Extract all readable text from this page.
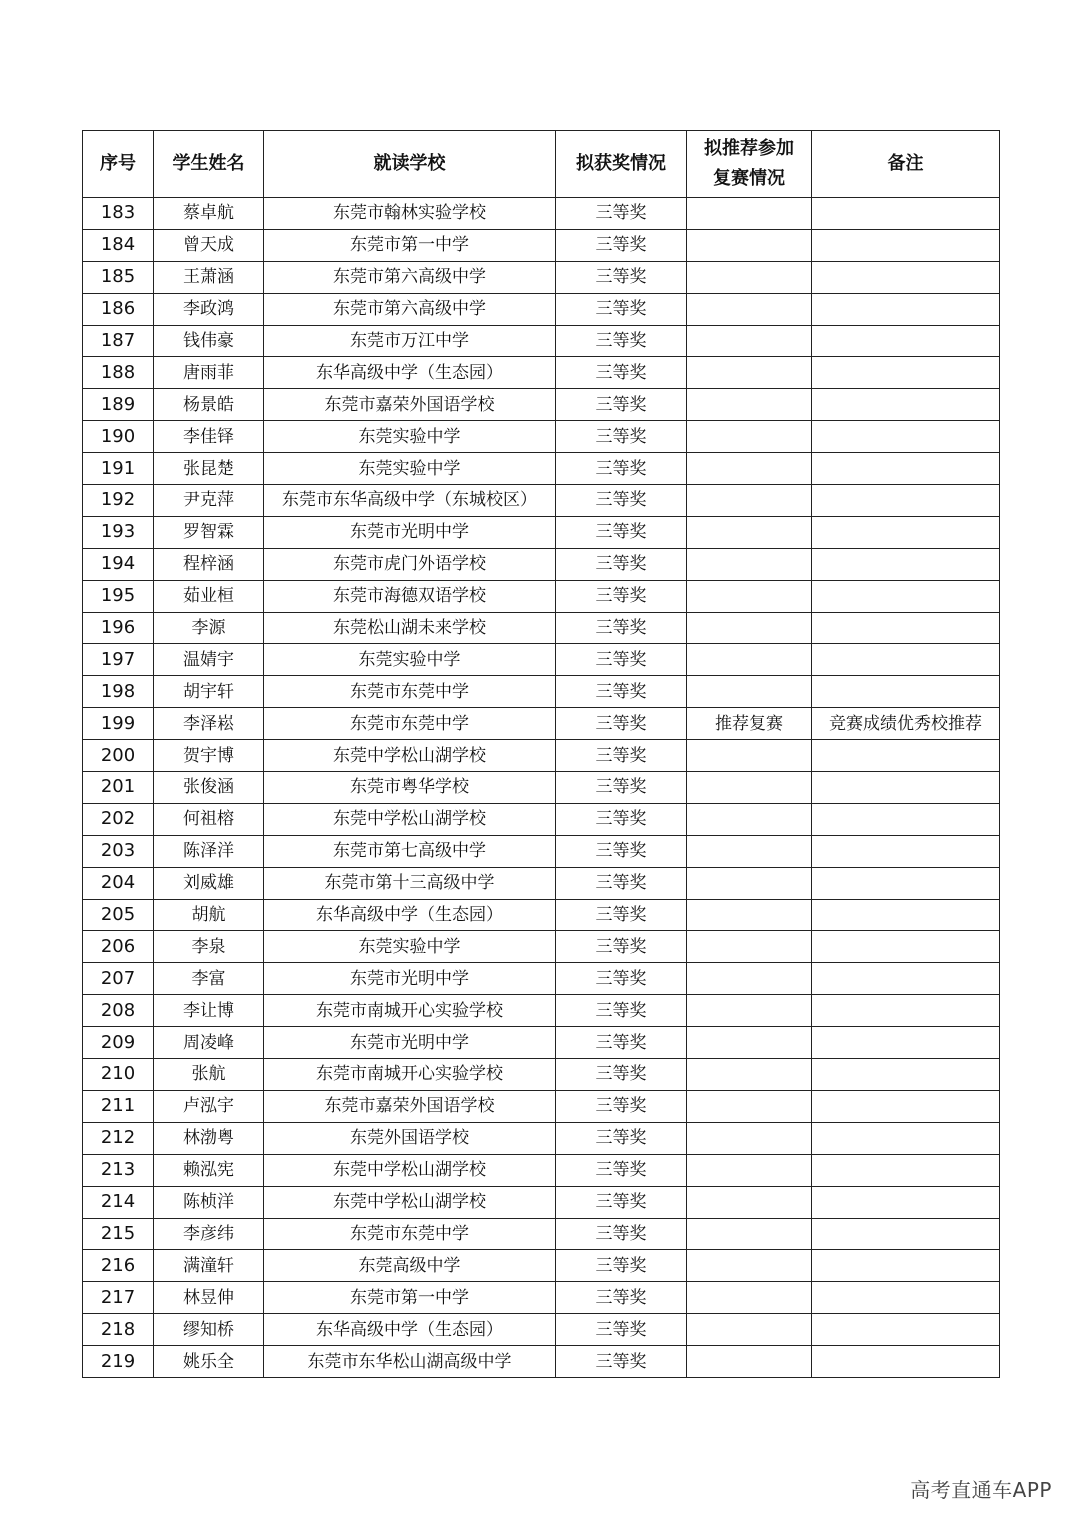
序号	学生姓名	就读学校	拟获奖情况	拟推荐参加复赛情况	备注
183	蔡卓航	东莞市翰林实验学校	三等奖		
184	曾天成	东莞市第一中学	三等奖		
185	王萧涵	东莞市第六高级中学	三等奖		
186	李政鸿	东莞市第六高级中学	三等奖		
187	钱伟豪	东莞市万江中学	三等奖		
188	唐雨菲	东华高级中学（生态园）	三等奖		
189	杨景皓	东莞市嘉荣外国语学校	三等奖		
190	李佳铎	东莞实验中学	三等奖		
191	张昆楚	东莞实验中学	三等奖		
192	尹克萍	东莞市东华高级中学（东城校区）	三等奖		
193	罗智霖	东莞市光明中学	三等奖		
194	程梓涵	东莞市虎门外语学校	三等奖		
195	茹业桓	东莞市海德双语学校	三等奖		
196	李源	东莞松山湖未来学校	三等奖		
197	温婧宇	东莞实验中学	三等奖		
198	胡宇轩	东莞市东莞中学	三等奖		
199	李泽崧	东莞市东莞中学	三等奖	推荐复赛	竞赛成绩优秀校推荐
200	贺宇博	东莞中学松山湖学校	三等奖		
201	张俊涵	东莞市粤华学校	三等奖		
202	何祖榕	东莞中学松山湖学校	三等奖		
203	陈泽洋	东莞市第七高级中学	三等奖		
204	刘威雄	东莞市第十三高级中学	三等奖		
205	胡航	东华高级中学（生态园）	三等奖		
206	李泉	东莞实验中学	三等奖		
207	李富	东莞市光明中学	三等奖		
208	李让博	东莞市南城开心实验学校	三等奖		
209	周凌峰	东莞市光明中学	三等奖		
210	张航	东莞市南城开心实验学校	三等奖		
211	卢泓宇	东莞市嘉荣外国语学校	三等奖		
212	林渤粤	东莞外国语学校	三等奖		
213	赖泓宪	东莞中学松山湖学校	三等奖		
214	陈桢洋	东莞中学松山湖学校	三等奖		
215	李彦纬	东莞市东莞中学	三等奖		
216	满潼轩	东莞高级中学	三等奖		
217	林昱伸	东莞市第一中学	三等奖		
218	缪知桥	东华高级中学（生态园）	三等奖		
219	姚乐全	东莞市东华松山湖高级中学	三等奖		
高考直通车APP
